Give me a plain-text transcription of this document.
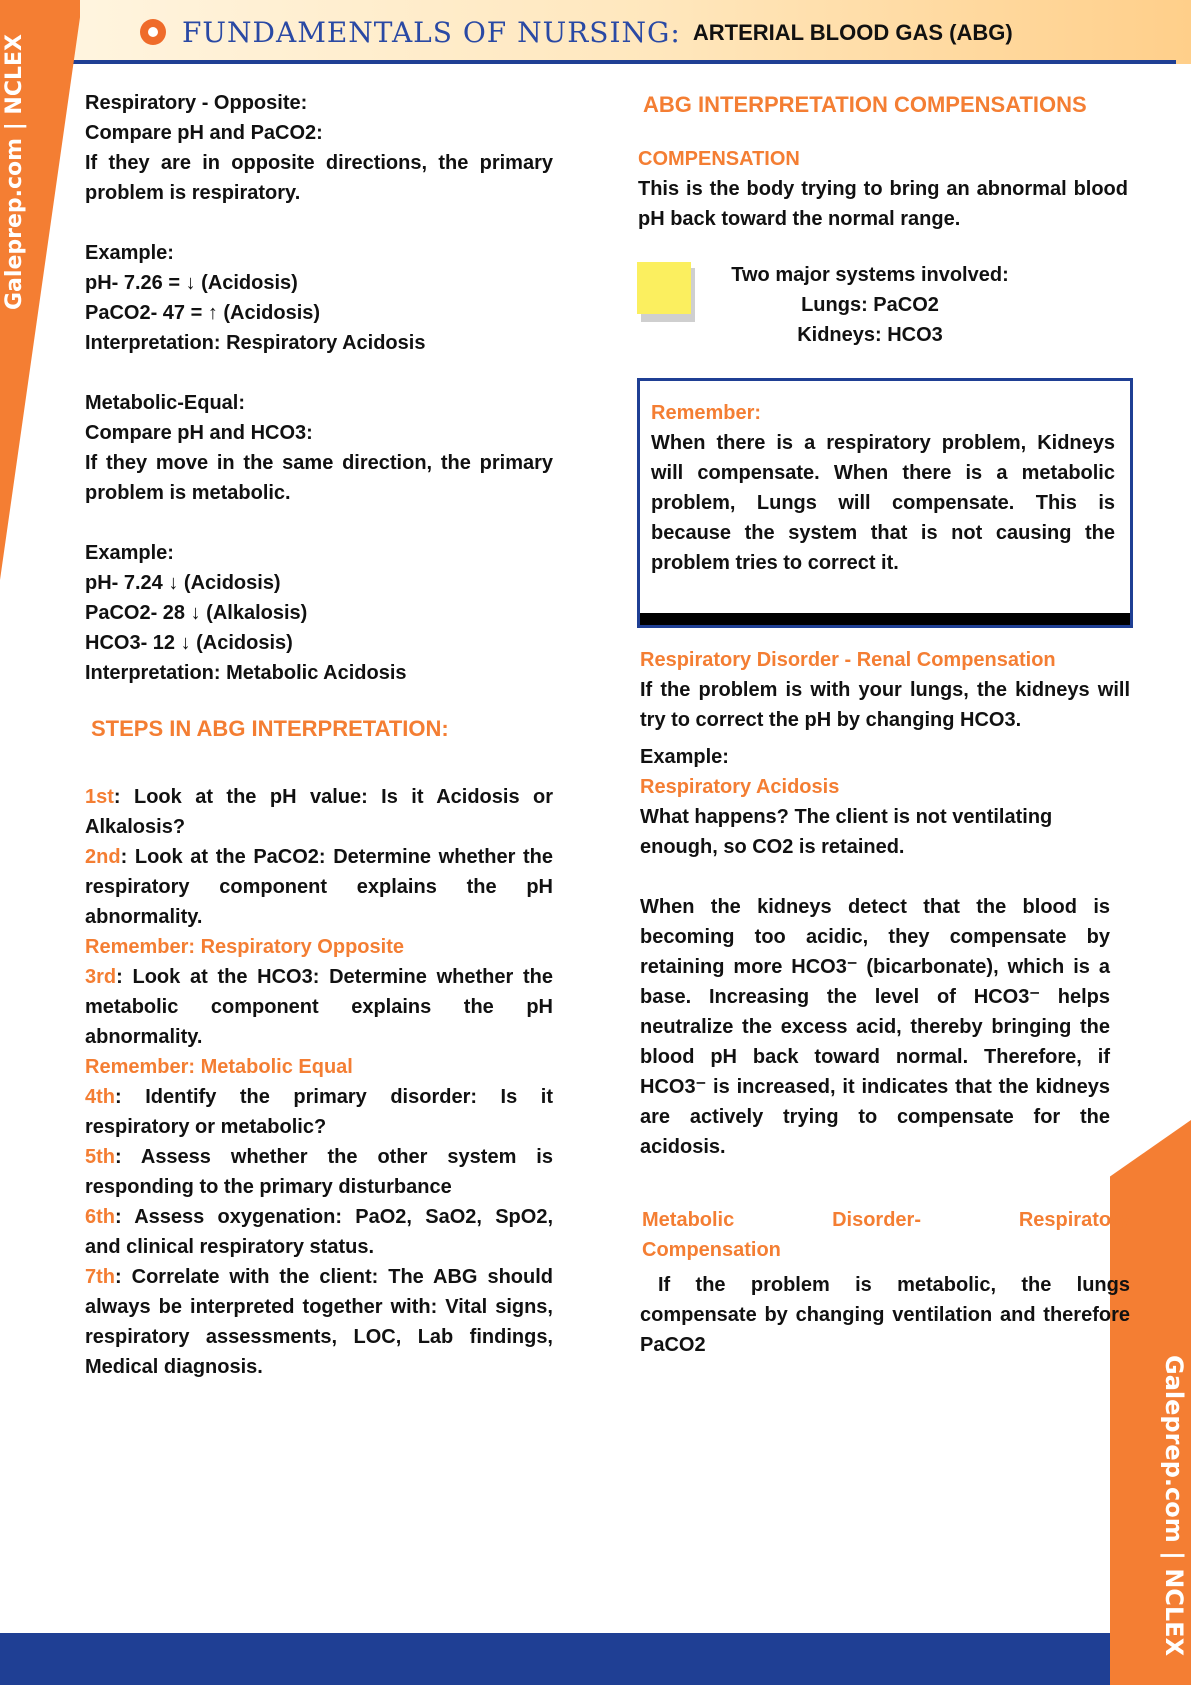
FUNDAMENTALS OF NURSING: ARTERIAL BLOOD GAS (ABG)
Galeprep.com | NCLEX
Galeprep.com | NCLEX

Respiratory - Opposite:

Compare pH and PaCO2:

If they are in opposite directions, the primary problem is respiratory.

Example:

pH- 7.26 = ↓ (Acidosis)

PaCO2- 47 = ↑ (Acidosis)

Interpretation: Respiratory Acidosis

Metabolic-Equal:

Compare pH and HCO3:

If they move in the same direction, the primary problem is metabolic.

Example:

pH- 7.24 ↓ (Acidosis)

PaCO2- 28 ↓ (Alkalosis)

HCO3- 12 ↓ (Acidosis)

Interpretation: Metabolic Acidosis

STEPS IN ABG INTERPRETATION:

1st: Look at the pH value: Is it Acidosis or Alkalosis?

2nd: Look at the PaCO2: Determine whether the respiratory component explains the pH abnormality.

Remember: Respiratory Opposite

3rd: Look at the HCO3: Determine whether the metabolic component explains the pH abnormality.

Remember: Metabolic Equal

4th: Identify the primary disorder: Is it respiratory or metabolic?

5th: Assess whether the other system is responding to the primary disturbance

6th: Assess oxygenation: PaO2, SaO2, SpO2, and clinical respiratory status.

7th: Correlate with the client: The ABG should always be interpreted together with: Vital signs, respiratory assessments, LOC, Lab findings, Medical diagnosis.

ABG INTERPRETATION COMPENSATIONS

COMPENSATION

This is the body trying to bring an abnormal blood pH back toward the normal range.

Two major systems involved:

Lungs: PaCO2

Kidneys: HCO3

Remember:

When there is a respiratory problem, Kidneys will compensate. When there is a metabolic problem, Lungs will compensate. This is because the system that is not causing the problem tries to correct it.

Respiratory Disorder - Renal Compensation

If the problem is with your lungs, the kidneys will try to correct the pH by changing HCO3.

Example:

Respiratory Acidosis

What happens? The client is not ventilating enough, so CO2 is retained.

When the kidneys detect that the blood is becoming too acidic, they compensate by retaining more HCO3⁻ (bicarbonate), which is a base. Increasing the level of HCO3⁻ helps neutralize the excess acid, thereby bringing the blood pH back toward normal. Therefore, if HCO3⁻ is increased, it indicates that the kidneys are actively trying to compensate for the acidosis.

Metabolic	Disorder-	Respiratory

Compensation

If the problem is metabolic, the lungs compensate by changing ventilation and therefore PaCO2
